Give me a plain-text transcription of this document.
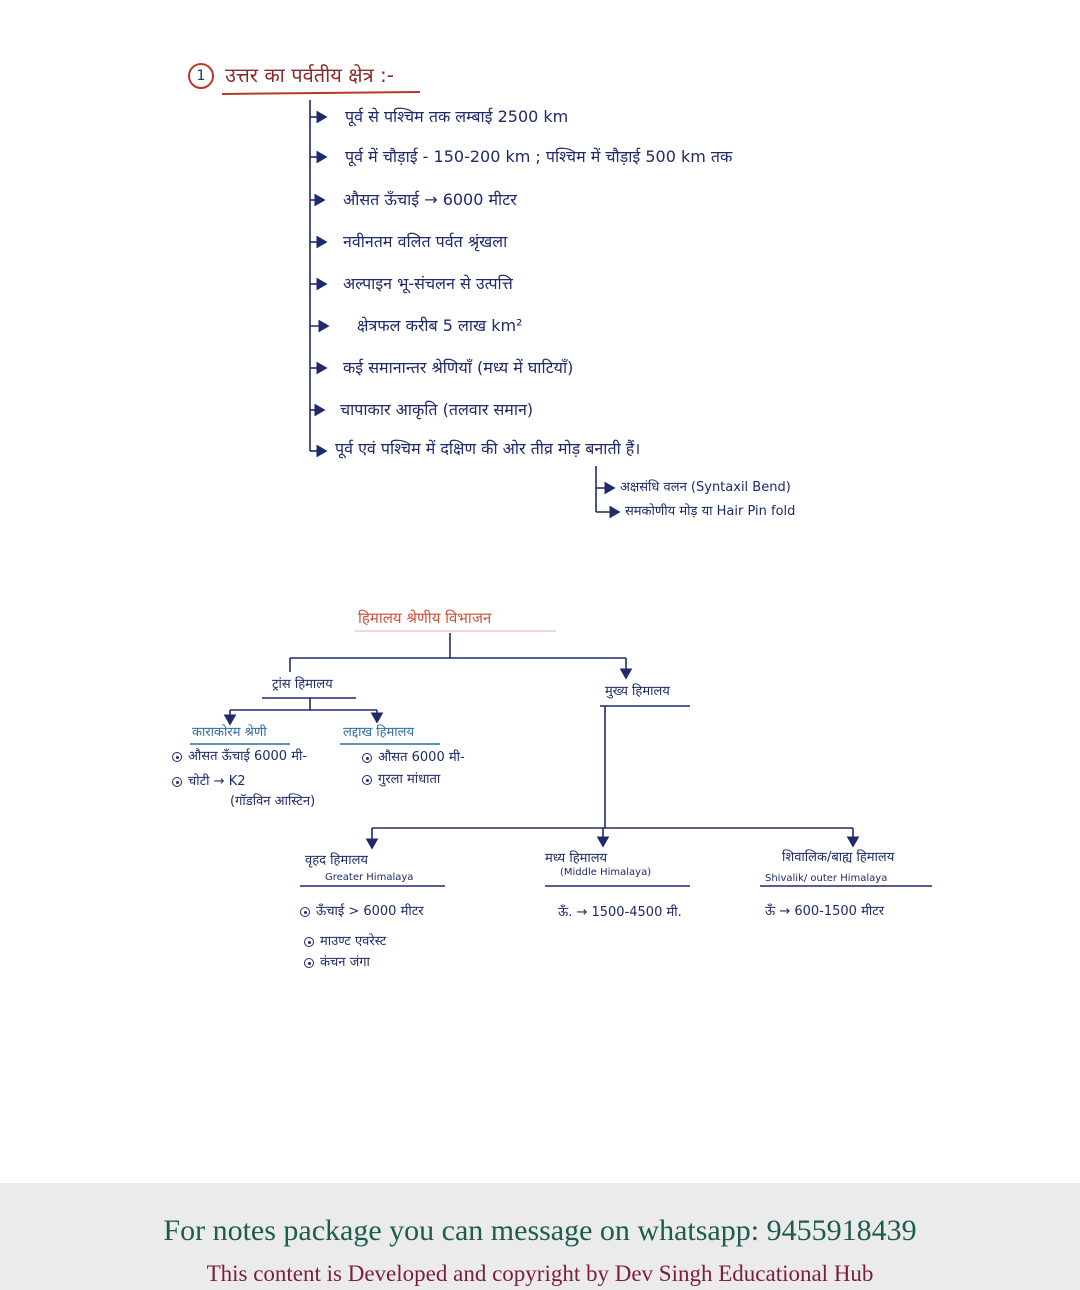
1 उत्तर का पर्वतीय क्षेत्र :-
पूर्व से पश्चिम तक लम्बाई 2500 km
पूर्व में चौड़ाई - 150-200 km ; पश्चिम में चौड़ाई 500 km तक
औसत ऊँचाई → 6000 मीटर
नवीनतम वलित पर्वत श्रृंखला
अल्पाइन भू-संचलन से उत्पत्ति
क्षेत्रफल करीब 5 लाख km²
कई समानान्तर श्रेणियाँ (मध्य में घाटियाँ)
चापाकार आकृति (तलवार समान)
पूर्व एवं पश्चिम में दक्षिण की ओर तीव्र मोड़ बनाती हैं।
अक्षसंधि वलन (Syntaxil Bend)
समकोणीय मोड़ या Hair Pin fold
हिमालय श्रेणीय विभाजन
ट्रांस हिमालय	मुख्य हिमालय
काराकोरम श्रेणी
औसत ऊँचाई 6000 मी-
चोटी → K2
(गॉडविन आस्टिन)
लद्दाख हिमालय
औसत 6000 मी-
गुरला मांधाता
वृहद हिमालय
Greater Himalaya
ऊँचाई > 6000 मीटर
माउण्ट एवरेस्ट
कंचन जंगा
मध्य हिमालय
(Middle Himalaya)
ऊँ. → 1500-4500 मी.
शिवालिक/बाह्य हिमालय
Shivalik/ outer Himalaya
ऊँ → 600-1500 मीटर
For notes package you can message on whatsapp: 9455918439
This content is Developed and copyright by Dev Singh Educational Hub
